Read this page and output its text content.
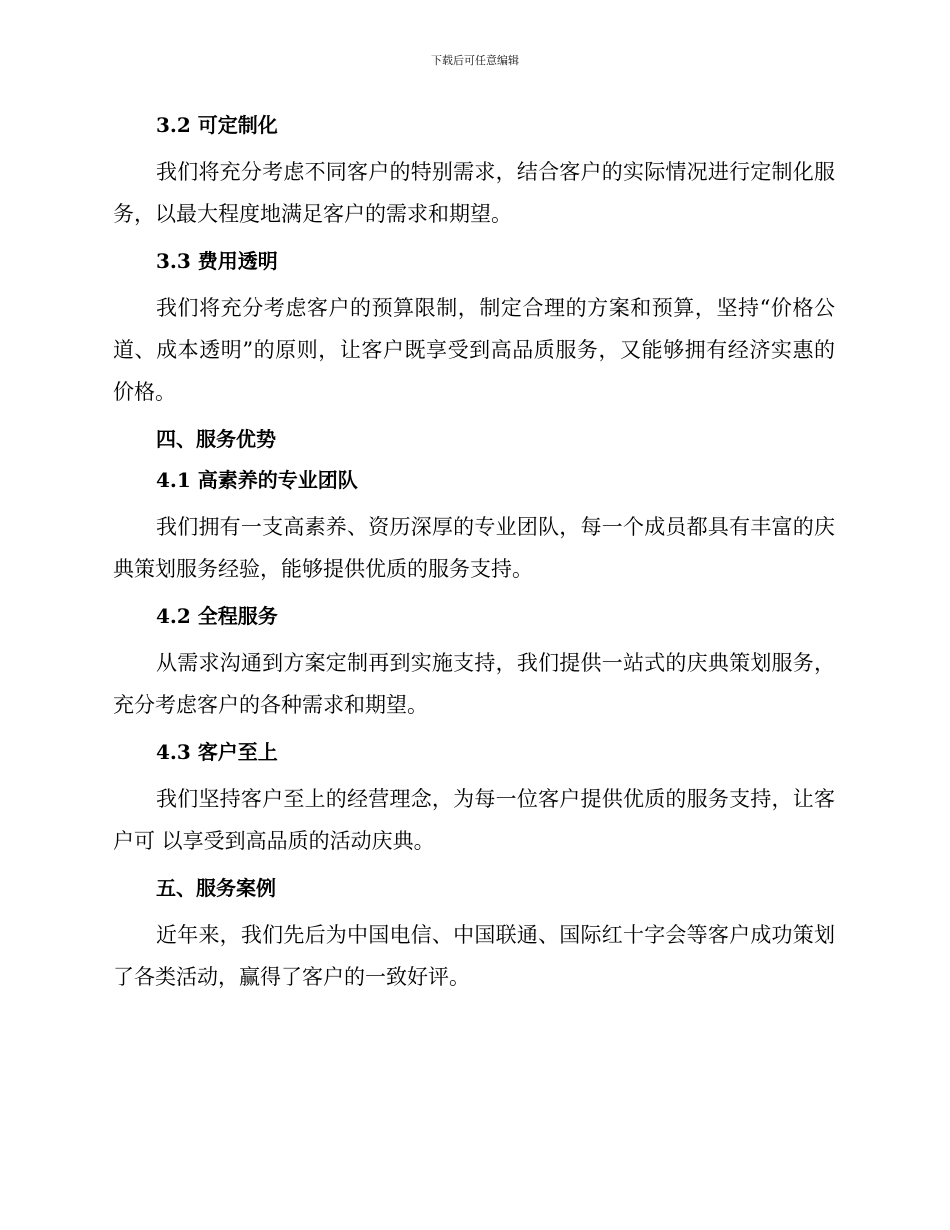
下载后可任意编辑
3.2 可定制化

我们将充分考虑不同客户的特别需求，结合客户的实际情况进行定制化服务，以最大程度地满足客户的需求和期望。

3.3 费用透明

我们将充分考虑客户的预算限制，制定合理的方案和预算，坚持“价格公道、成本透明”的原则，让客户既享受到高品质服务，又能够拥有经济实惠的价格。

四、服务优势
4.1 高素养的专业团队

我们拥有一支高素养、资历深厚的专业团队，每一个成员都具有丰富的庆典策划服务经验，能够提供优质的服务支持。

4.2 全程服务

从需求沟通到方案定制再到实施支持，我们提供一站式的庆典策划服务，充分考虑客户的各种需求和期望。

4.3 客户至上

我们坚持客户至上的经营理念，为每一位客户提供优质的服务支持，让客户可 以享受到高品质的活动庆典。

五、服务案例

近年来，我们先后为中国电信、中国联通、国际红十字会等客户成功策划了各类活动，赢得了客户的一致好评。
